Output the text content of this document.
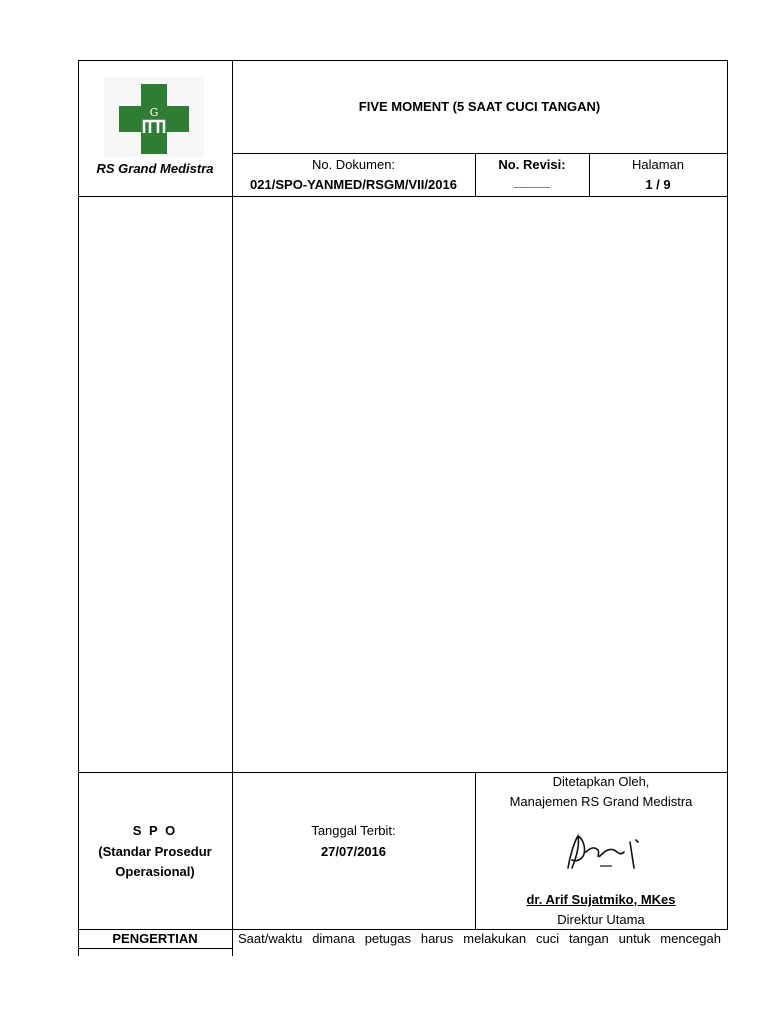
G
RS Grand Medistra
FIVE MOMENT (5 SAAT CUCI TANGAN)
No. Dokumen:
021/SPO-YANMED/RSGM/VII/2016
No. Revisi:
_____
Halaman
1 / 9
S P O
(Standar Prosedur
Operasional)
Tanggal Terbit:
27/07/2016
Ditetapkan Oleh,
Manajemen RS Grand Medistra
dr. Arif Sujatmiko, MKes
Direktur Utama
PENGERTIAN	Saat/waktu dimana petugas harus melakukan cuci tangan untuk mencegah
